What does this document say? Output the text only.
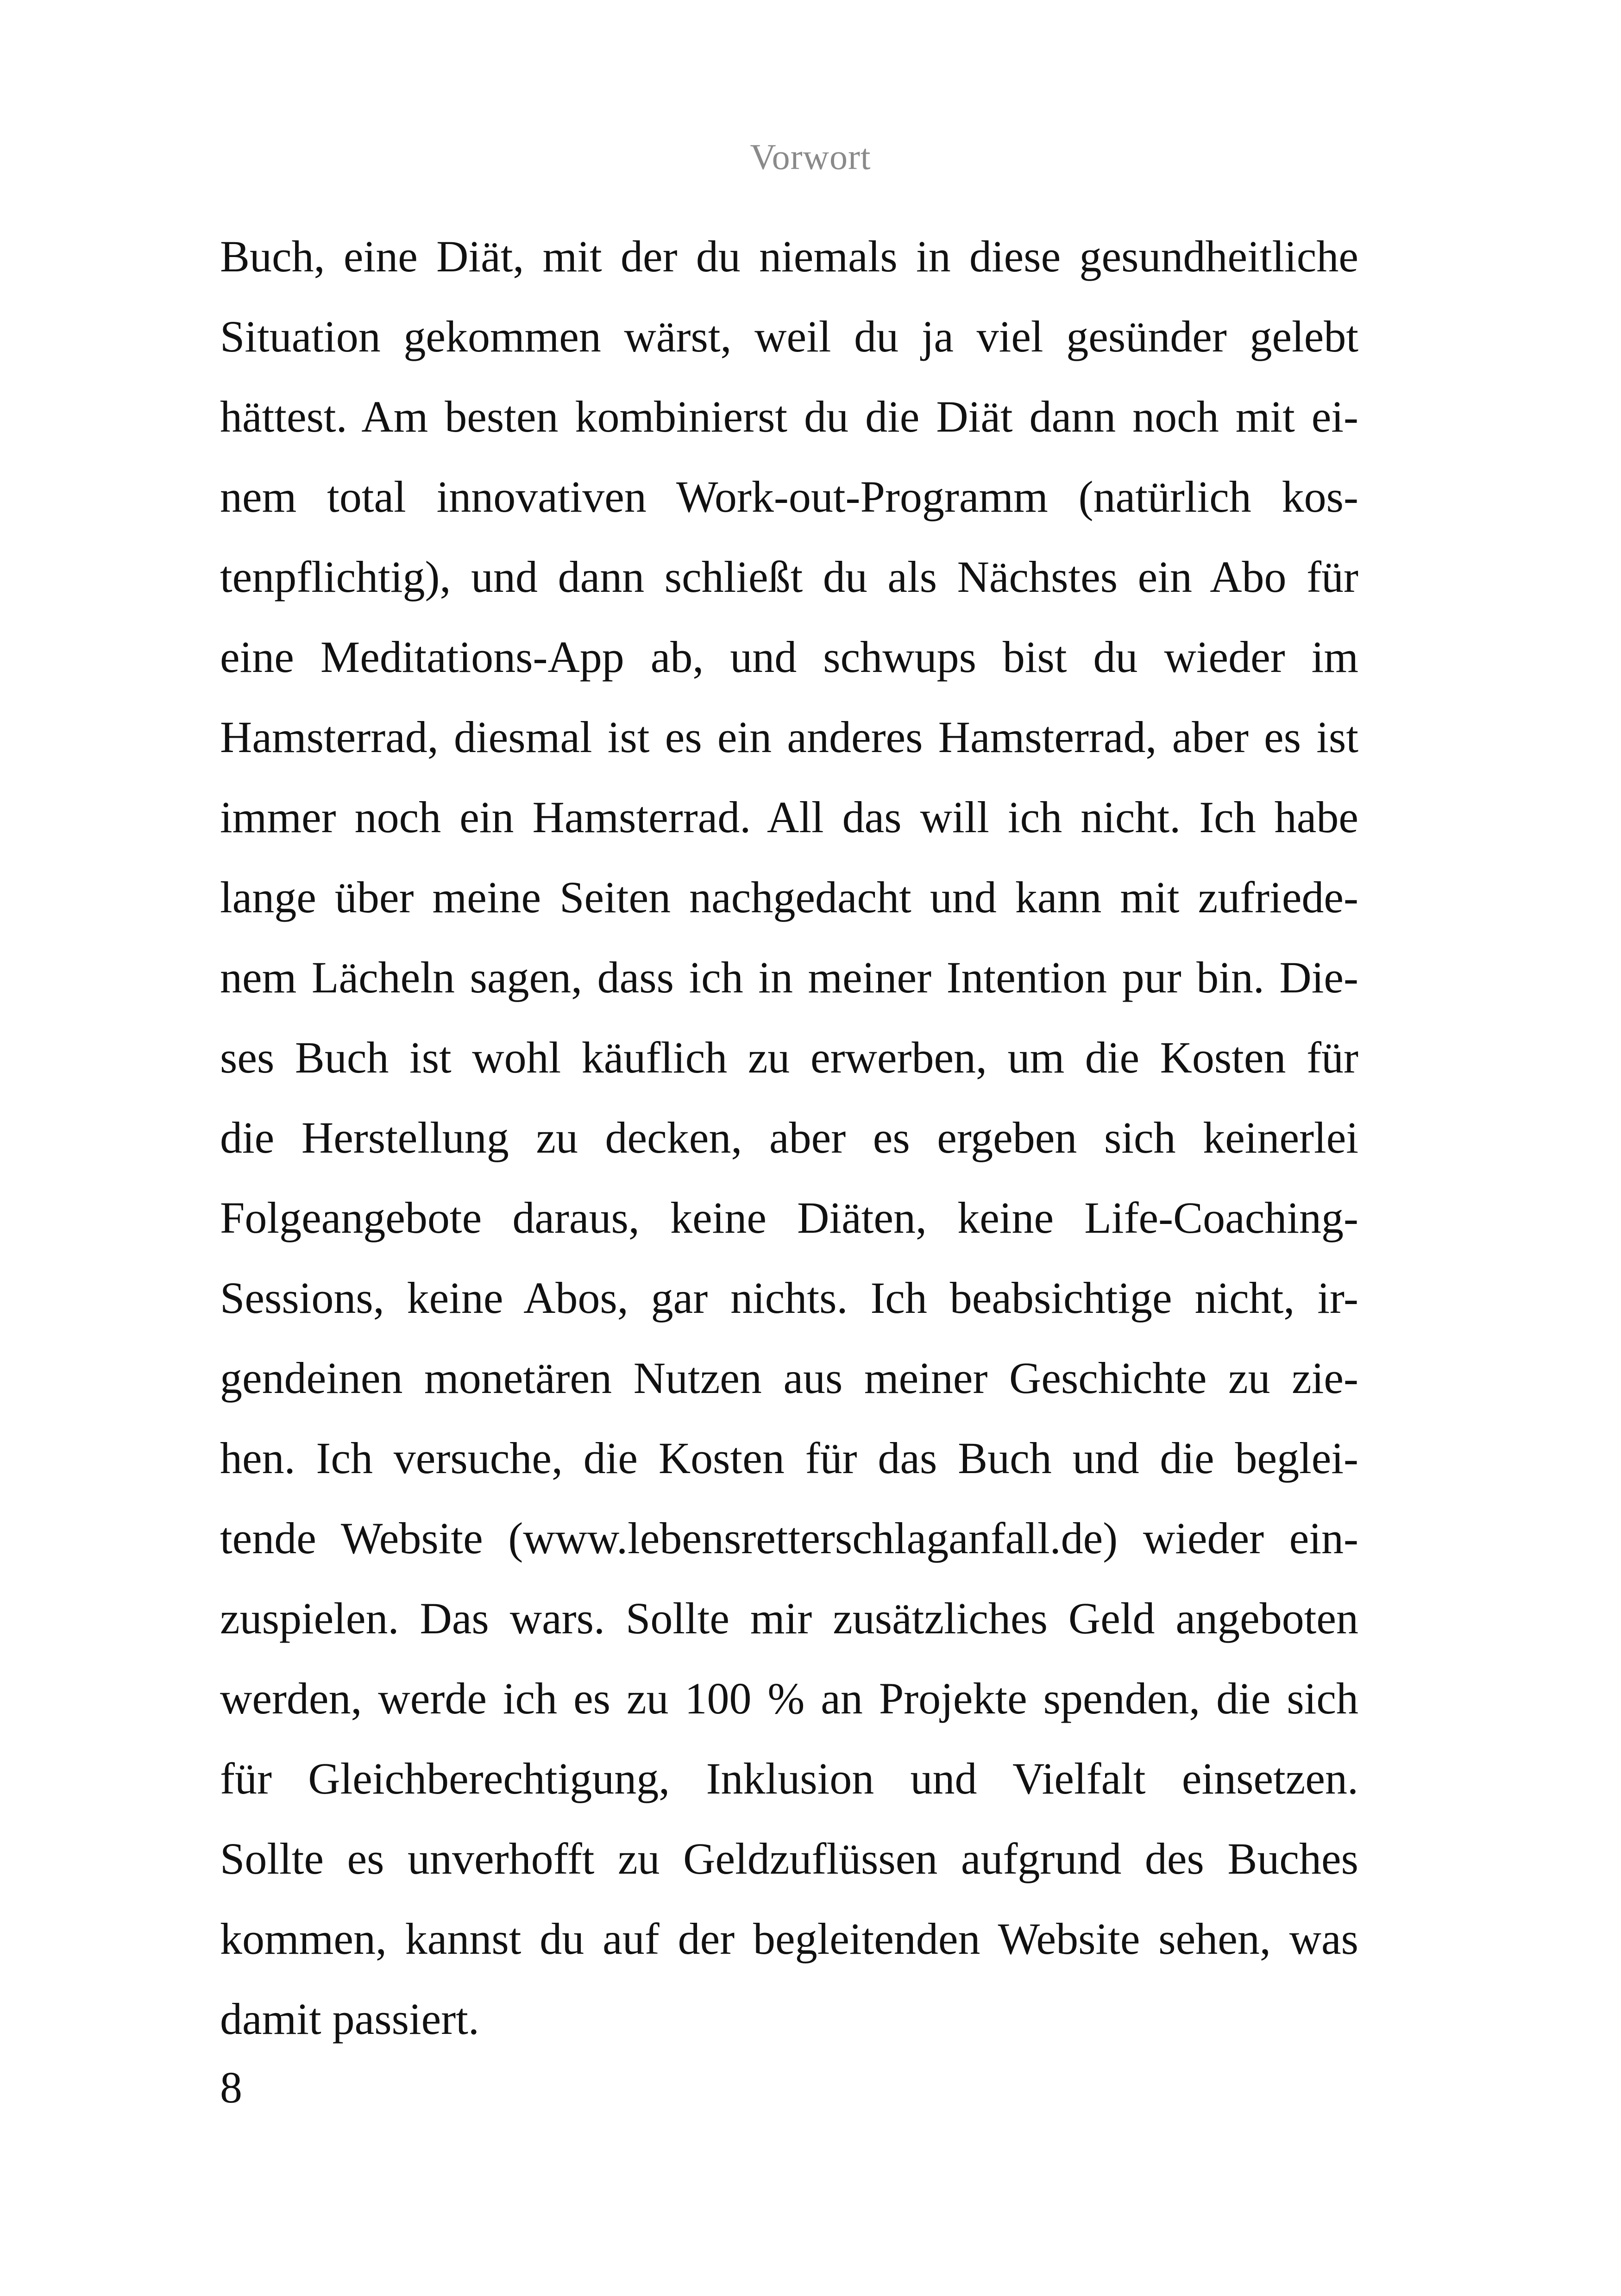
Vorwort
Buch, eine Diät, mit der du niemals in diese gesundheitliche
Situation gekommen wärst, weil du ja viel gesünder gelebt
hättest. Am besten kombinierst du die Diät dann noch mit ei-
nem total innovativen Work-out-Programm (natürlich kos-
tenpflichtig), und dann schließt du als Nächstes ein Abo für
eine Meditations-App ab, und schwups bist du wieder im
Hamsterrad, diesmal ist es ein anderes Hamsterrad, aber es ist
immer noch ein Hamsterrad. All das will ich nicht. Ich habe
lange über meine Seiten nachgedacht und kann mit zufriede-
nem Lächeln sagen, dass ich in meiner Intention pur bin. Die-
ses Buch ist wohl käuflich zu erwerben, um die Kosten für
die Herstellung zu decken, aber es ergeben sich keinerlei
Folgeangebote daraus, keine Diäten, keine Life-Coaching-
Sessions, keine Abos, gar nichts. Ich beabsichtige nicht, ir-
gendeinen monetären Nutzen aus meiner Geschichte zu zie-
hen. Ich versuche, die Kosten für das Buch und die beglei-
tende Website (www.lebensretterschlaganfall.de) wieder ein-
zuspielen. Das wars. Sollte mir zusätzliches Geld angeboten
werden, werde ich es zu 100 % an Projekte spenden, die sich
für Gleichberechtigung, Inklusion und Vielfalt einsetzen.
Sollte es unverhofft zu Geldzuflüssen aufgrund des Buches
kommen, kannst du auf der begleitenden Website sehen, was
damit passiert.
8
